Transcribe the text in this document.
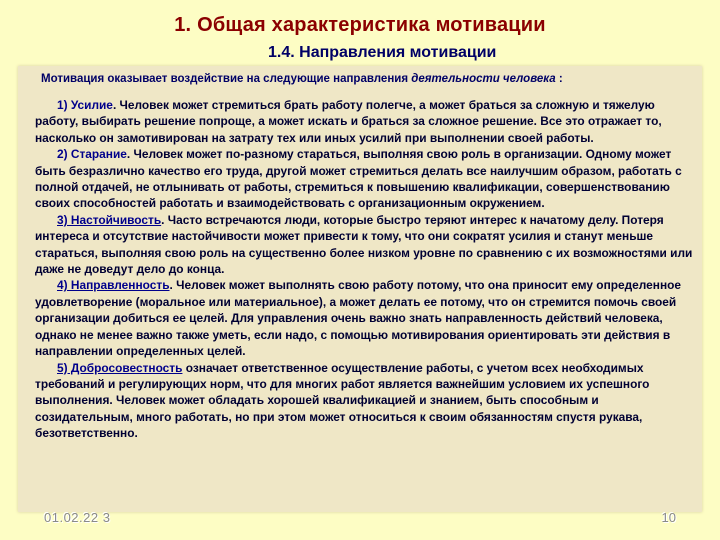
1. Общая характеристика мотивации
1.4. Направления мотивации

Мотивация оказывает воздействие на следующие направления деятельности человека :

1) Усилие. Человек может стремиться брать работу полегче, а может браться за сложную и тяжелую работу, выбирать решение попроще, а может искать и браться за сложное решение. Все это отражает то, насколько он замотивирован на затрату тех или иных усилий при выполнении своей работы.

2) Старание. Человек может по-разному стараться, выполняя свою роль в организации. Одному может быть безразлично качество его труда, другой может стремиться делать все наилучшим образом, работать с полной отдачей, не отлынивать от работы, стремиться к повышению квалификации, совершенствованию своих способностей работать и взаимодействовать с организационным окружением.

3) Настойчивость. Часто встречаются люди, которые быстро теряют интерес к начатому делу. Потеря интереса и отсутствие настойчивости может привести к тому, что они сократят усилия и станут меньше стараться, выполняя свою роль на существенно более низком уровне по сравнению с их возможностями или даже не доведут дело до конца.

4) Направленность. Человек может выполнять свою работу потому, что она приносит ему определенное удовлетворение (моральное или материальное), а может делать ее потому, что он стремится помочь своей организации добиться ее целей. Для управления очень важно знать направленность действий человека, однако не менее важно также уметь, если надо, с помощью мотивирования ориентировать эти действия в направлении определенных целей.

5) Добросовестность означает ответственное осуществление работы, с учетом всех необходимых требований и регулирующих норм, что для многих работ является важнейшим условием их успешного выполнения. Человек может обладать хорошей квалификацией и знанием, быть способным и созидательным, много работать, но при этом может относиться к своим обязанностям спустя рукава, безответственно.

01.02.22 3	10
